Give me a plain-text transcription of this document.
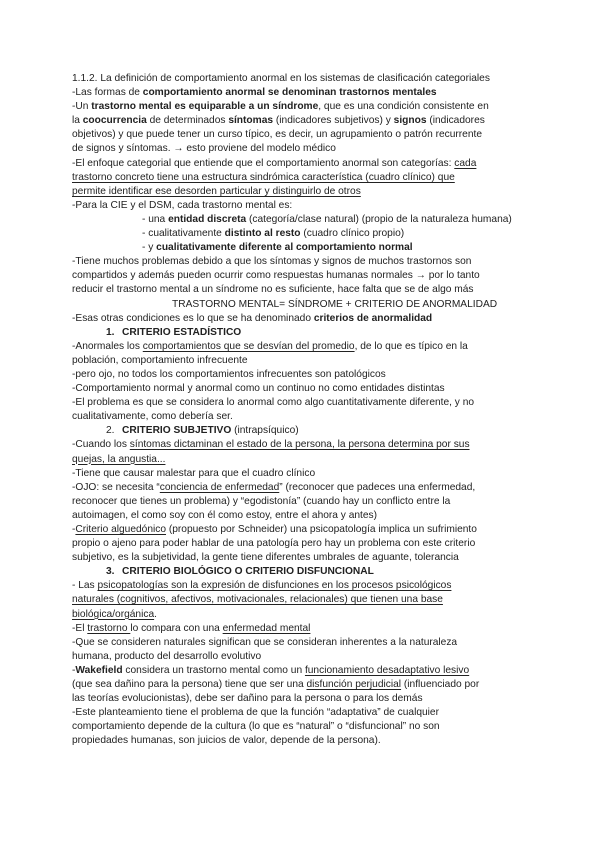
1.1.2. La definición de comportamiento anormal en los sistemas de clasificación categoriales
-Las formas de comportamiento anormal se denominan trastornos mentales
-Un trastorno mental es equiparable a un síndrome, que es una condición consistente en
la coocurrencia de determinados síntomas (indicadores subjetivos) y signos (indicadores
objetivos) y que puede tener un curso típico, es decir, un agrupamiento o patrón recurrente
de signos y síntomas. → esto proviene del modelo médico
-El enfoque categorial que entiende que el comportamiento anormal son categorías: cada
trastorno concreto tiene una estructura sindrómica característica (cuadro clínico) que
permite identificar ese desorden particular y distinguirlo de otros
-Para la CIE y el DSM, cada trastorno mental es:
- una entidad discreta (categoría/clase natural) (propio de la naturaleza humana)
- cualitativamente distinto al resto (cuadro clínico propio)
- y cualitativamente diferente al comportamiento normal
-Tiene muchos problemas debido a que los síntomas y signos de muchos trastornos son
compartidos y además pueden ocurrir como respuestas humanas normales → por lo tanto
reducir el trastorno mental a un síndrome no es suficiente, hace falta que se de algo más
TRASTORNO MENTAL= SÍNDROME + CRITERIO DE ANORMALIDAD
-Esas otras condiciones es lo que se ha denominado criterios de anormalidad
1. CRITERIO ESTADÍSTICO
-Anormales los comportamientos que se desvían del promedio, de lo que es típico en la
población, comportamiento infrecuente
-pero ojo, no todos los comportamientos infrecuentes son patológicos
-Comportamiento normal y anormal como un continuo no como entidades distintas
-El problema es que se considera lo anormal como algo cuantitativamente diferente, y no
cualitativamente, como debería ser.
2. CRITERIO SUBJETIVO (intrapsíquico)
-Cuando los síntomas dictaminan el estado de la persona, la persona determina por sus
quejas, la angustia...
-Tiene que causar malestar para que el cuadro clínico
-OJO: se necesita “conciencia de enfermedad” (reconocer que padeces una enfermedad,
reconocer que tienes un problema) y “egodistonía” (cuando hay un conflicto entre la
autoimagen, el como soy con él como estoy, entre el ahora y antes)
-Criterio alguedónico (propuesto por Schneider) una psicopatología implica un sufrimiento
propio o ajeno para poder hablar de una patología pero hay un problema con este criterio
subjetivo, es la subjetividad, la gente tiene diferentes umbrales de aguante, tolerancia
3. CRITERIO BIOLÓGICO O CRITERIO DISFUNCIONAL
- Las psicopatologías son la expresión de disfunciones en los procesos psicológicos
naturales (cognitivos, afectivos, motivacionales, relacionales) que tienen una base
biológica/orgánica.
-El trastorno lo compara con una enfermedad mental
-Que se consideren naturales significan que se consideran inherentes a la naturaleza
humana, producto del desarrollo evolutivo
-Wakefield considera un trastorno mental como un funcionamiento desadaptativo lesivo
(que sea dañino para la persona) tiene que ser una disfunción perjudicial (influenciado por
las teorías evolucionistas), debe ser dañino para la persona o para los demás
-Este planteamiento tiene el problema de que la función “adaptativa” de cualquier
comportamiento depende de la cultura (lo que es “natural” o “disfuncional” no son
propiedades humanas, son juicios de valor, depende de la persona).
